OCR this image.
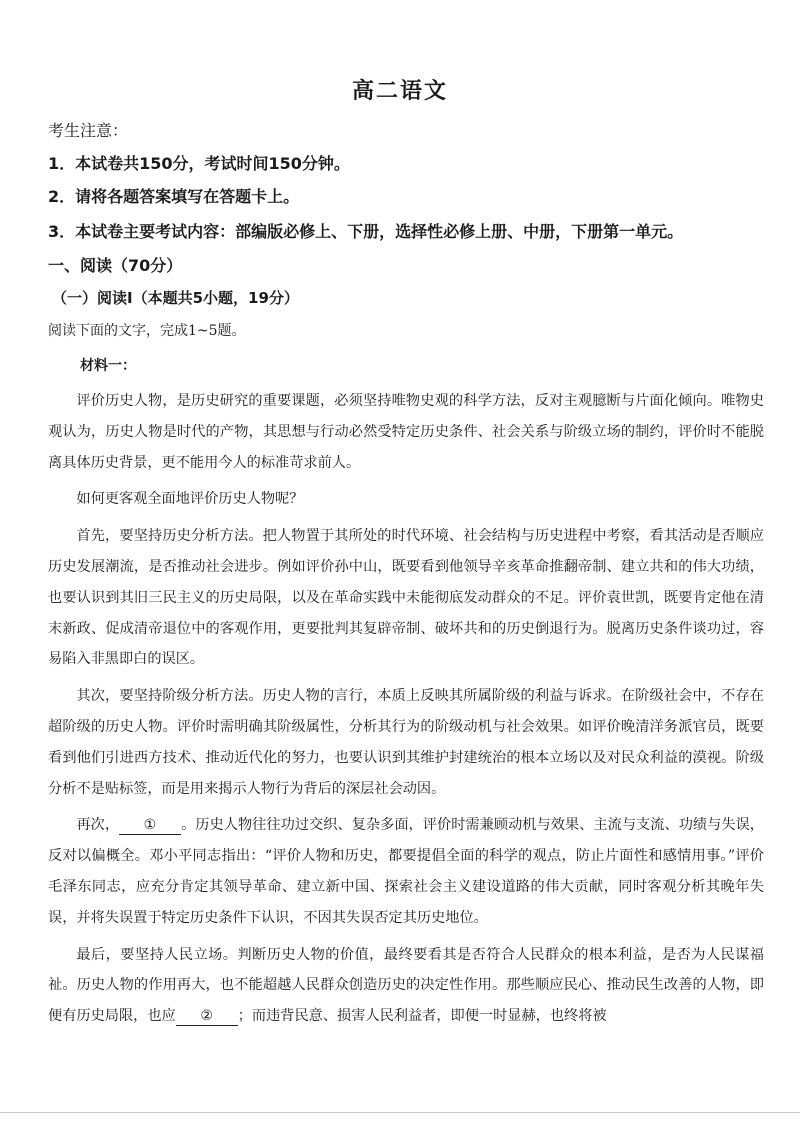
高二语文
考生注意：
1．本试卷共150分，考试时间150分钟。
2．请将各题答案填写在答题卡上。
3．本试卷主要考试内容：部编版必修上、下册，选择性必修上册、中册，下册第一单元。
一、阅读（70分）
（一）阅读Ⅰ（本题共5小题，19分）
阅读下面的文字，完成1~5题。
材料一：

评价历史人物，是历史研究的重要课题，必须坚持唯物史观的科学方法，反对主观臆断与片面化倾向。唯物史观认为，历史人物是时代的产物，其思想与行动必然受特定历史条件、社会关系与阶级立场的制约，评价时不能脱离具体历史背景，更不能用今人的标准苛求前人。

如何更客观全面地评价历史人物呢？

首先，要坚持历史分析方法。把人物置于其所处的时代环境、社会结构与历史进程中考察，看其活动是否顺应历史发展潮流，是否推动社会进步。例如评价孙中山，既要看到他领导辛亥革命推翻帝制、建立共和的伟大功绩，也要认识到其旧三民主义的历史局限，以及在革命实践中未能彻底发动群众的不足。评价袁世凯，既要肯定他在清末新政、促成清帝退位中的客观作用，更要批判其复辟帝制、破坏共和的历史倒退行为。脱离历史条件谈功过，容易陷入非黑即白的误区。

其次，要坚持阶级分析方法。历史人物的言行，本质上反映其所属阶级的利益与诉求。在阶级社会中，不存在超阶级的历史人物。评价时需明确其阶级属性，分析其行为的阶级动机与社会效果。如评价晚清洋务派官员，既要看到他们引进西方技术、推动近代化的努力，也要认识到其维护封建统治的根本立场以及对民众利益的漠视。阶级分析不是贴标签，而是用来揭示人物行为背后的深层社会动因。

再次， ① 。历史人物往往功过交织、复杂多面，评价时需兼顾动机与效果、主流与支流、功绩与失误，反对以偏概全。邓小平同志指出：“评价人物和历史，都要提倡全面的科学的观点，防止片面性和感情用事。”评价毛泽东同志，应充分肯定其领导革命、建立新中国、探索社会主义建设道路的伟大贡献，同时客观分析其晚年失误，并将失误置于特定历史条件下认识，不因其失误否定其历史地位。

最后，要坚持人民立场。判断历史人物的价值，最终要看其是否符合人民群众的根本利益，是否为人民谋福祉。历史人物的作用再大，也不能超越人民群众创造历史的决定性作用。那些顺应民心、推动民生改善的人物，即便有历史局限，也应 ② ；而违背民意、损害人民利益者，即便一时显赫，也终将被
